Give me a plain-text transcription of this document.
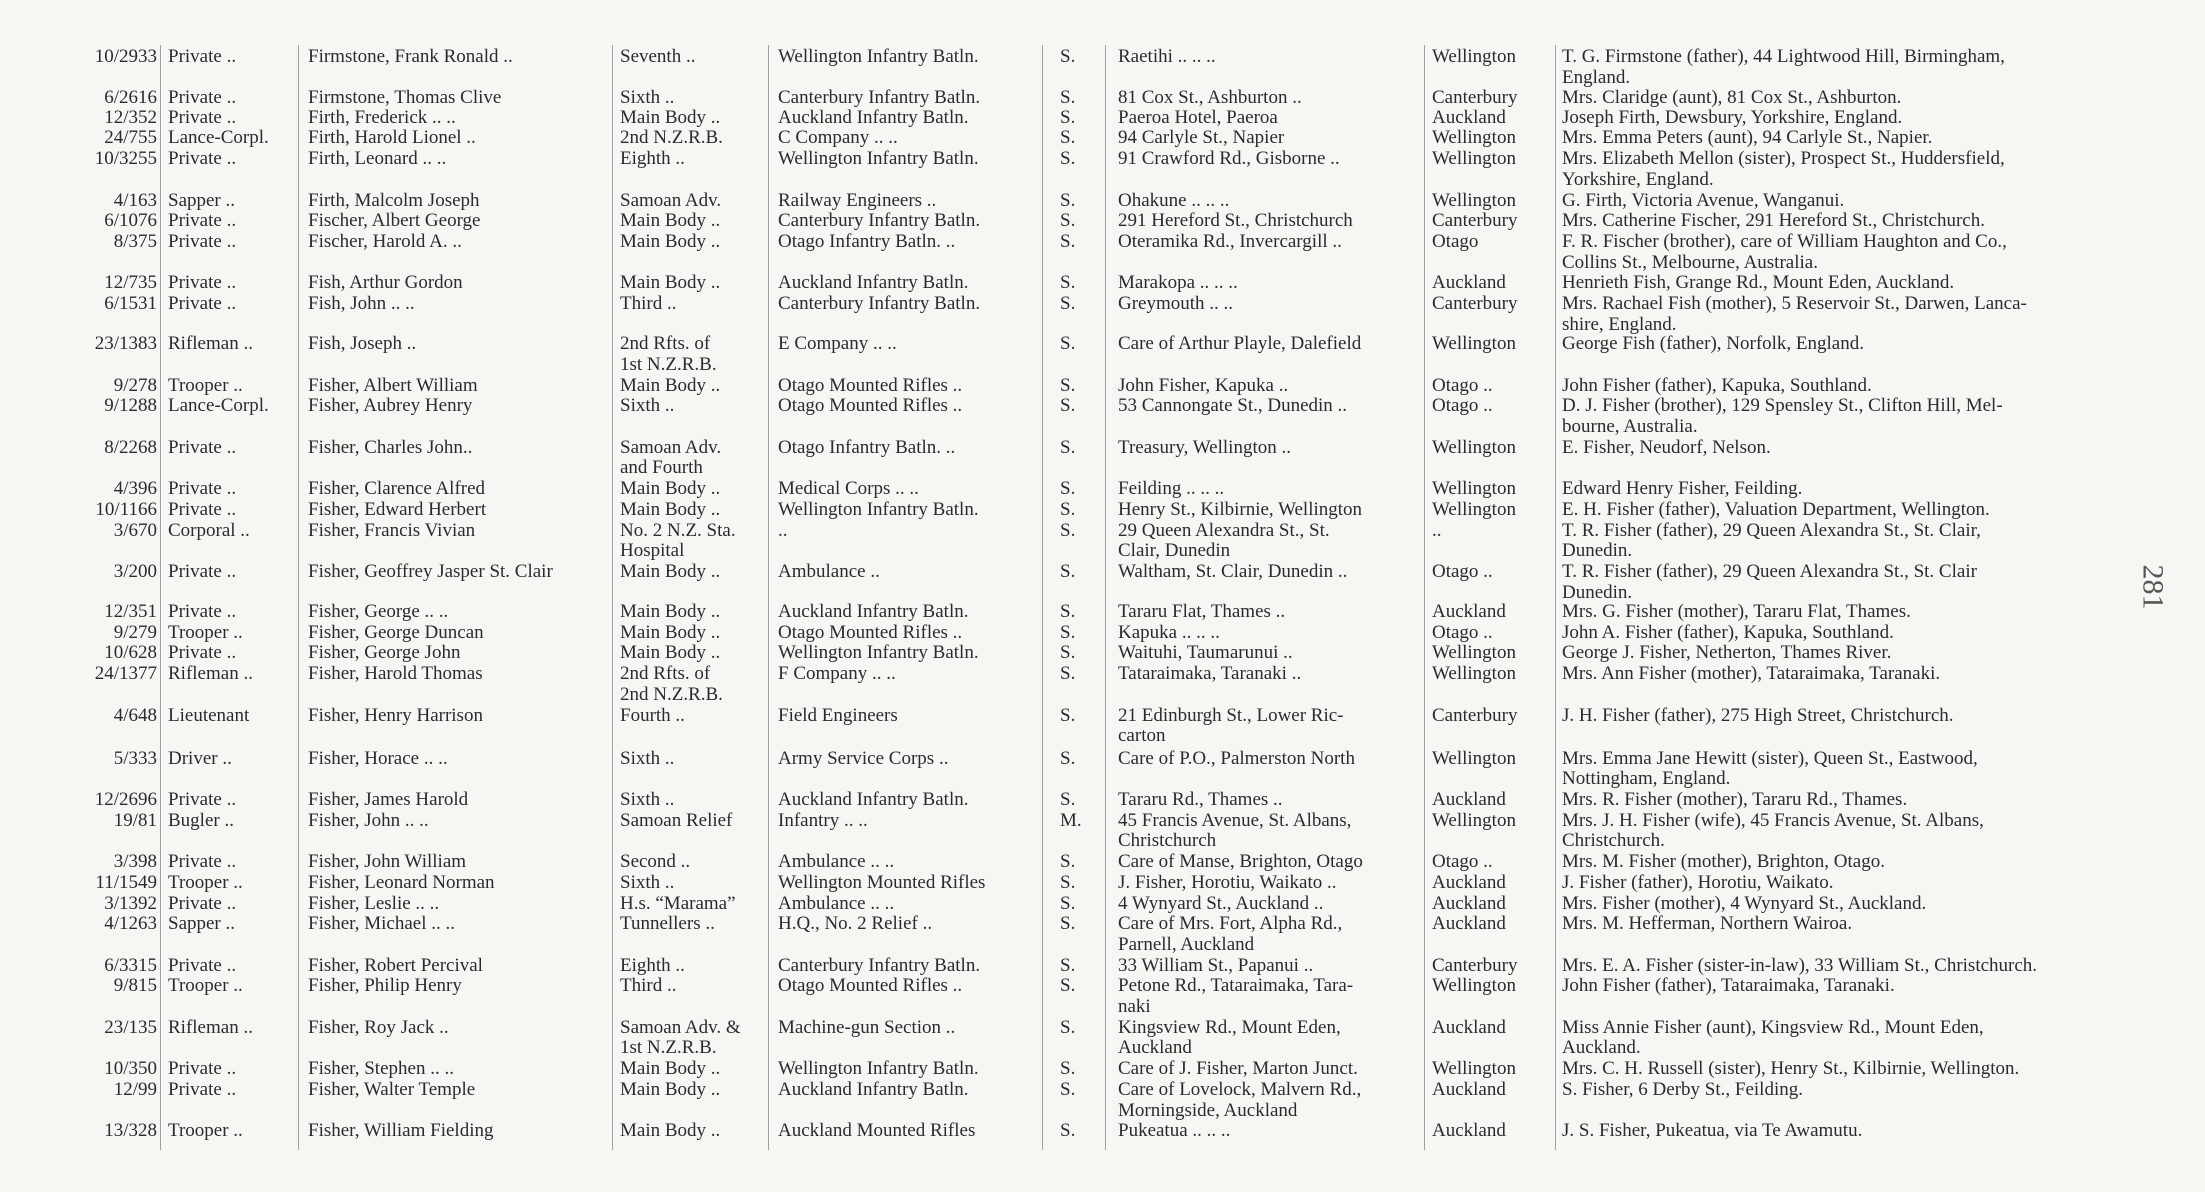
10/2933 Private ..	Firmstone, Frank Ronald ..	Seventh ..	Wellington Infantry Batln.	S.	Raetihi .. .. ..	Wellington	T. G. Firmstone (father), 44 Lightwood Hill, Birmingham,
England.
6/2616 Private ..	Firmstone, Thomas Clive	Sixth ..	Canterbury Infantry Batln.	S.	81 Cox St., Ashburton ..	Canterbury	Mrs. Claridge (aunt), 81 Cox St., Ashburton.
12/352 Private ..	Firth, Frederick .. ..	Main Body ..	Auckland Infantry Batln.	S.	Paeroa Hotel, Paeroa	Auckland	Joseph Firth, Dewsbury, Yorkshire, England.
24/755 Lance-Corpl.	Firth, Harold Lionel ..	2nd N.Z.R.B.	C Company .. ..	S.	94 Carlyle St., Napier	Wellington	Mrs. Emma Peters (aunt), 94 Carlyle St., Napier.
10/3255 Private ..	Firth, Leonard .. ..	Eighth ..	Wellington Infantry Batln.	S.	91 Crawford Rd., Gisborne ..	Wellington	Mrs. Elizabeth Mellon (sister), Prospect St., Huddersfield,
Yorkshire, England.
4/163 Sapper ..	Firth, Malcolm Joseph	Samoan Adv.	Railway Engineers ..	S.	Ohakune .. .. ..	Wellington	G. Firth, Victoria Avenue, Wanganui.
6/1076 Private ..	Fischer, Albert George	Main Body ..	Canterbury Infantry Batln.	S.	291 Hereford St., Christchurch	Canterbury	Mrs. Catherine Fischer, 291 Hereford St., Christchurch.
8/375 Private ..	Fischer, Harold A. ..	Main Body ..	Otago Infantry Batln. ..	S.	Oteramika Rd., Invercargill ..	Otago	F. R. Fischer (brother), care of William Haughton and Co.,
Collins St., Melbourne, Australia.
12/735 Private ..	Fish, Arthur Gordon	Main Body ..	Auckland Infantry Batln.	S.	Marakopa .. .. ..	Auckland	Henrieth Fish, Grange Rd., Mount Eden, Auckland.
6/1531 Private ..	Fish, John .. ..	Third ..	Canterbury Infantry Batln.	S.	Greymouth .. ..	Canterbury	Mrs. Rachael Fish (mother), 5 Reservoir St., Darwen, Lanca-
shire, England.
23/1383 Rifleman ..	Fish, Joseph ..	2nd Rfts. of
1st N.Z.R.B.
E Company .. ..	S.	Care of Arthur Playle, Dalefield	Wellington	George Fish (father), Norfolk, England.
9/278 Trooper ..	Fisher, Albert William	Main Body ..	Otago Mounted Rifles ..	S.	John Fisher, Kapuka ..	Otago ..	John Fisher (father), Kapuka, Southland.
9/1288 Lance-Corpl.	Fisher, Aubrey Henry	Sixth ..	Otago Mounted Rifles ..	S.	53 Cannongate St., Dunedin ..	Otago ..	D. J. Fisher (brother), 129 Spensley St., Clifton Hill, Mel-
bourne, Australia.
8/2268 Private ..	Fisher, Charles John..	Samoan Adv.
and Fourth
Otago Infantry Batln. ..	S.	Treasury, Wellington ..	Wellington	E. Fisher, Neudorf, Nelson.
4/396 Private ..	Fisher, Clarence Alfred	Main Body ..	Medical Corps .. ..	S.	Feilding .. .. ..	Wellington	Edward Henry Fisher, Feilding.
10/1166 Private ..	Fisher, Edward Herbert	Main Body ..	Wellington Infantry Batln.	S.	Henry St., Kilbirnie, Wellington	Wellington	E. H. Fisher (father), Valuation Department, Wellington.
3/670 Corporal ..	Fisher, Francis Vivian	No. 2 N.Z. Sta.
Hospital
..	S.	29 Queen Alexandra St., St.
Clair, Dunedin
..	T. R. Fisher (father), 29 Queen Alexandra St., St. Clair,
Dunedin.
3/200 Private ..	Fisher, Geoffrey Jasper St. Clair	Main Body ..	Ambulance ..	S.	Waltham, St. Clair, Dunedin ..	Otago ..	T. R. Fisher (father), 29 Queen Alexandra St., St. Clair
Dunedin.
12/351 Private ..	Fisher, George .. ..	Main Body ..	Auckland Infantry Batln.	S.	Tararu Flat, Thames ..	Auckland	Mrs. G. Fisher (mother), Tararu Flat, Thames.
9/279 Trooper ..	Fisher, George Duncan	Main Body ..	Otago Mounted Rifles ..	S.	Kapuka .. .. ..	Otago ..	John A. Fisher (father), Kapuka, Southland.
10/628 Private ..	Fisher, George John	Main Body ..	Wellington Infantry Batln.	S.	Waituhi, Taumarunui ..	Wellington	George J. Fisher, Netherton, Thames River.
24/1377 Rifleman ..	Fisher, Harold Thomas	2nd Rfts. of
2nd N.Z.R.B.
F Company .. ..	S.	Tataraimaka, Taranaki ..	Wellington	Mrs. Ann Fisher (mother), Tataraimaka, Taranaki.
4/648 Lieutenant	Fisher, Henry Harrison	Fourth ..	Field Engineers	S.	21 Edinburgh St., Lower Ric-
carton
Canterbury	J. H. Fisher (father), 275 High Street, Christchurch.
5/333 Driver ..	Fisher, Horace .. ..	Sixth ..	Army Service Corps ..	S.	Care of P.O., Palmerston North	Wellington	Mrs. Emma Jane Hewitt (sister), Queen St., Eastwood,
Nottingham, England.
12/2696 Private ..	Fisher, James Harold	Sixth ..	Auckland Infantry Batln.	S.	Tararu Rd., Thames ..	Auckland	Mrs. R. Fisher (mother), Tararu Rd., Thames.
19/81 Bugler ..	Fisher, John .. ..	Samoan Relief	Infantry .. ..	M.	45 Francis Avenue, St. Albans,
Christchurch
Wellington	Mrs. J. H. Fisher (wife), 45 Francis Avenue, St. Albans,
Christchurch.
3/398 Private ..	Fisher, John William	Second ..	Ambulance .. ..	S.	Care of Manse, Brighton, Otago	Otago ..	Mrs. M. Fisher (mother), Brighton, Otago.
11/1549 Trooper ..	Fisher, Leonard Norman	Sixth ..	Wellington Mounted Rifles	S.	J. Fisher, Horotiu, Waikato ..	Auckland	J. Fisher (father), Horotiu, Waikato.
3/1392 Private ..	Fisher, Leslie .. ..	H.s. “Marama”	Ambulance .. ..	S.	4 Wynyard St., Auckland ..	Auckland	Mrs. Fisher (mother), 4 Wynyard St., Auckland.
4/1263 Sapper ..	Fisher, Michael .. ..	Tunnellers ..	H.Q., No. 2 Relief ..	S.	Care of Mrs. Fort, Alpha Rd.,
Parnell, Auckland
Auckland	Mrs. M. Hefferman, Northern Wairoa.
6/3315 Private ..	Fisher, Robert Percival	Eighth ..	Canterbury Infantry Batln.	S.	33 William St., Papanui ..	Canterbury	Mrs. E. A. Fisher (sister-in-law), 33 William St., Christchurch.
9/815 Trooper ..	Fisher, Philip Henry	Third ..	Otago Mounted Rifles ..	S.	Petone Rd., Tataraimaka, Tara-
naki
Wellington	John Fisher (father), Tataraimaka, Taranaki.
23/135 Rifleman ..	Fisher, Roy Jack ..	Samoan Adv. &
1st N.Z.R.B.
Machine-gun Section ..	S.	Kingsview Rd., Mount Eden,
Auckland
Auckland	Miss Annie Fisher (aunt), Kingsview Rd., Mount Eden,
Auckland.
10/350 Private ..	Fisher, Stephen .. ..	Main Body ..	Wellington Infantry Batln.	S.	Care of J. Fisher, Marton Junct.	Wellington	Mrs. C. H. Russell (sister), Henry St., Kilbirnie, Wellington.
12/99 Private ..	Fisher, Walter Temple	Main Body ..	Auckland Infantry Batln.	S.	Care of Lovelock, Malvern Rd.,
Morningside, Auckland
Auckland	S. Fisher, 6 Derby St., Feilding.
13/328 Trooper ..	Fisher, William Fielding	Main Body ..	Auckland Mounted Rifles	S.	Pukeatua .. .. ..	Auckland	J. S. Fisher, Pukeatua, via Te Awamutu.
281
